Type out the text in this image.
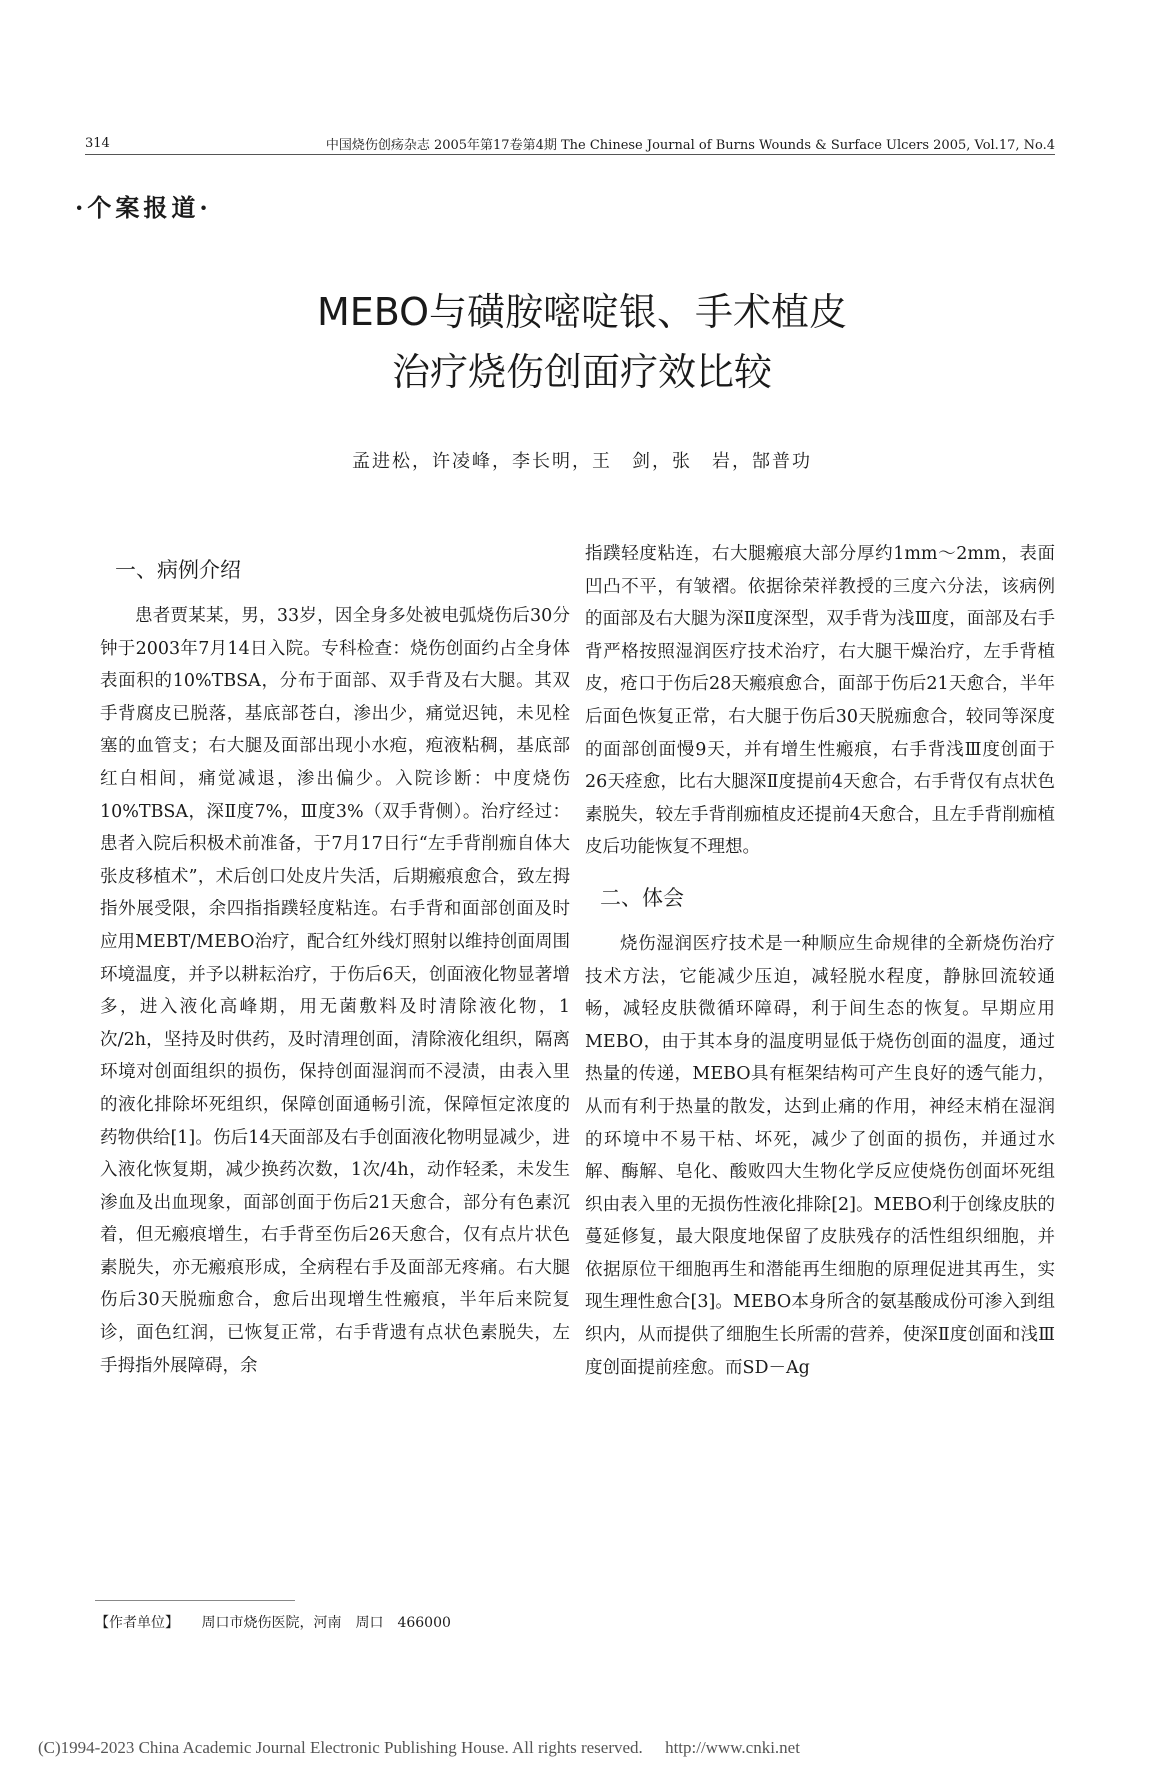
314	中国烧伤创疡杂志 2005年第17卷第4期 The Chinese Journal of Burns Wounds & Surface Ulcers 2005, Vol.17, No.4
·个案报道·
MEBO与磺胺嘧啶银、手术植皮
治疗烧伤创面疗效比较
孟进松，许凌峰，李长明，王　剑，张　岩，郜普功
一、病例介绍

患者贾某某，男，33岁，因全身多处被电弧烧伤后30分钟于2003年7月14日入院。专科检查：烧伤创面约占全身体表面积的10%TBSA，分布于面部、双手背及右大腿。其双手背腐皮已脱落，基底部苍白，渗出少，痛觉迟钝，未见栓塞的血管支；右大腿及面部出现小水疱，疱液粘稠，基底部红白相间，痛觉减退，渗出偏少。入院诊断：中度烧伤10%TBSA，深Ⅱ度7%，Ⅲ度3%（双手背侧）。治疗经过：患者入院后积极术前准备，于7月17日行“左手背削痂自体大张皮移植术”，术后创口处皮片失活，后期瘢痕愈合，致左拇指外展受限，余四指指蹼轻度粘连。右手背和面部创面及时应用MEBT/MEBO治疗，配合红外线灯照射以维持创面周围环境温度，并予以耕耘治疗，于伤后6天，创面液化物显著增多，进入液化高峰期，用无菌敷料及时清除液化物，1次/2h，坚持及时供药，及时清理创面，清除液化组织，隔离环境对创面组织的损伤，保持创面湿润而不浸渍，由表入里的液化排除坏死组织，保障创面通畅引流，保障恒定浓度的药物供给[1]。伤后14天面部及右手创面液化物明显减少，进入液化恢复期，减少换药次数，1次/4h，动作轻柔，未发生渗血及出血现象，面部创面于伤后21天愈合，部分有色素沉着，但无瘢痕增生，右手背至伤后26天愈合，仅有点片状色素脱失，亦无瘢痕形成，全病程右手及面部无疼痛。右大腿伤后30天脱痂愈合，愈后出现增生性瘢痕，半年后来院复诊，面色红润，已恢复正常，右手背遗有点状色素脱失，左手拇指外展障碍，余

指蹼轻度粘连，右大腿瘢痕大部分厚约1mm～2mm，表面凹凸不平，有皱褶。依据徐荣祥教授的三度六分法，该病例的面部及右大腿为深Ⅱ度深型，双手背为浅Ⅲ度，面部及右手背严格按照湿润医疗技术治疗，右大腿干燥治疗，左手背植皮，疮口于伤后28天瘢痕愈合，面部于伤后21天愈合，半年后面色恢复正常，右大腿于伤后30天脱痂愈合，较同等深度的面部创面慢9天，并有增生性瘢痕，右手背浅Ⅲ度创面于26天痊愈，比右大腿深Ⅱ度提前4天愈合，右手背仅有点状色素脱失，较左手背削痂植皮还提前4天愈合，且左手背削痂植皮后功能恢复不理想。

二、体会

烧伤湿润医疗技术是一种顺应生命规律的全新烧伤治疗技术方法，它能减少压迫，减轻脱水程度，静脉回流较通畅，减轻皮肤微循环障碍，利于间生态的恢复。早期应用MEBO，由于其本身的温度明显低于烧伤创面的温度，通过热量的传递，MEBO具有框架结构可产生良好的透气能力，从而有利于热量的散发，达到止痛的作用，神经末梢在湿润的环境中不易干枯、坏死，减少了创面的损伤，并通过水解、酶解、皂化、酸败四大生物化学反应使烧伤创面坏死组织由表入里的无损伤性液化排除[2]。MEBO利于创缘皮肤的蔓延修复，最大限度地保留了皮肤残存的活性组织细胞，并依据原位干细胞再生和潜能再生细胞的原理促进其再生，实现生理性愈合[3]。MEBO本身所含的氨基酸成份可渗入到组织内，从而提供了细胞生长所需的营养，使深Ⅱ度创面和浅Ⅲ度创面提前痊愈。而SD－Ag

【作者单位】 周口市烧伤医院，河南　周口　466000
(C)1994-2023 China Academic Journal Electronic Publishing House. All rights reserved. http://www.cnki.net
